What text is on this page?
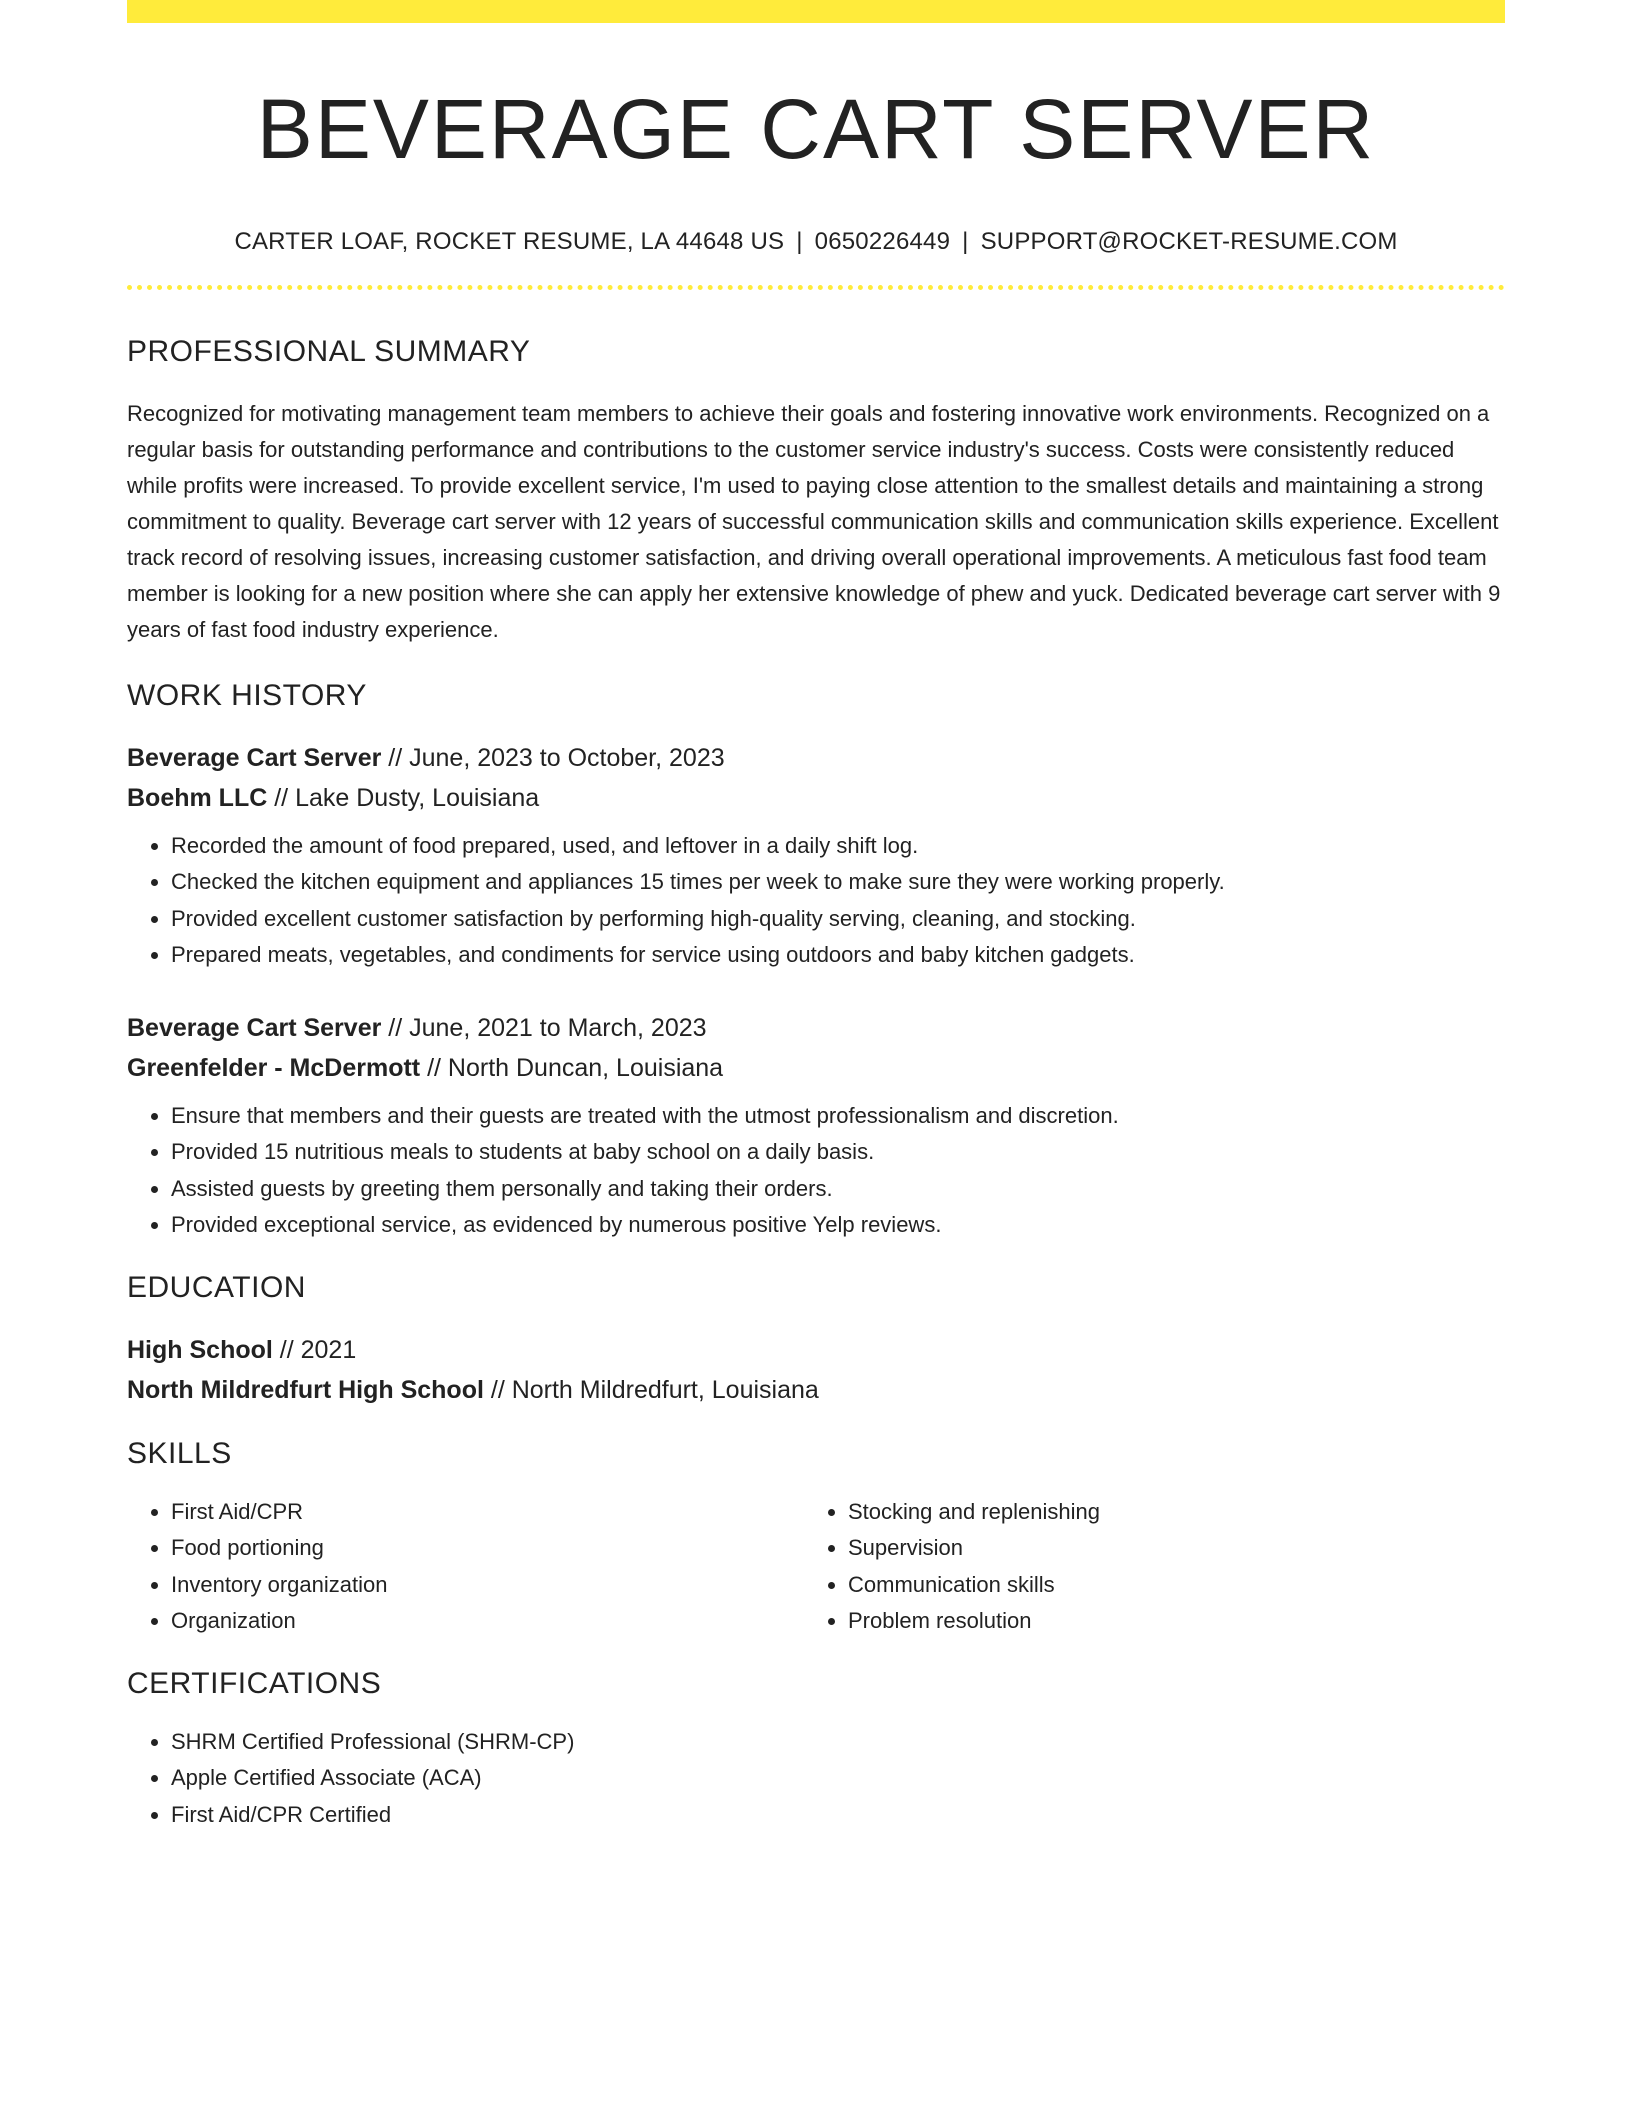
BEVERAGE CART SERVER
CARTER LOAF, ROCKET RESUME, LA 44648 US | 0650226449 | SUPPORT@ROCKET-RESUME.COM
PROFESSIONAL SUMMARY
Recognized for motivating management team members to achieve their goals and fostering innovative work environments. Recognized on a regular basis for outstanding performance and contributions to the customer service industry's success. Costs were consistently reduced while profits were increased. To provide excellent service, I'm used to paying close attention to the smallest details and maintaining a strong commitment to quality. Beverage cart server with 12 years of successful communication skills and communication skills experience. Excellent track record of resolving issues, increasing customer satisfaction, and driving overall operational improvements. A meticulous fast food team member is looking for a new position where she can apply her extensive knowledge of phew and yuck. Dedicated beverage cart server with 9 years of fast food industry experience.
WORK HISTORY
Beverage Cart Server // June, 2023 to October, 2023
Boehm LLC // Lake Dusty, Louisiana
• Recorded the amount of food prepared, used, and leftover in a daily shift log.
• Checked the kitchen equipment and appliances 15 times per week to make sure they were working properly.
• Provided excellent customer satisfaction by performing high-quality serving, cleaning, and stocking.
• Prepared meats, vegetables, and condiments for service using outdoors and baby kitchen gadgets.
Beverage Cart Server // June, 2021 to March, 2023
Greenfelder - McDermott // North Duncan, Louisiana
• Ensure that members and their guests are treated with the utmost professionalism and discretion.
• Provided 15 nutritious meals to students at baby school on a daily basis.
• Assisted guests by greeting them personally and taking their orders.
• Provided exceptional service, as evidenced by numerous positive Yelp reviews.
EDUCATION
High School // 2021
North Mildredfurt High School // North Mildredfurt, Louisiana
SKILLS
• First Aid/CPR
• Food portioning
• Inventory organization
• Organization
• Stocking and replenishing
• Supervision
• Communication skills
• Problem resolution
CERTIFICATIONS
• SHRM Certified Professional (SHRM-CP)
• Apple Certified Associate (ACA)
• First Aid/CPR Certified
